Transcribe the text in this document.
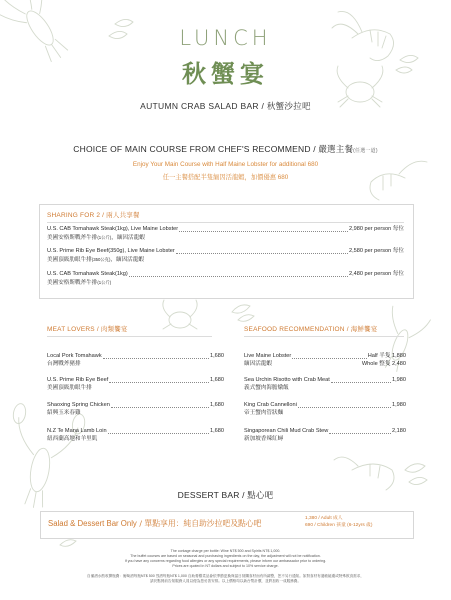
LUNCH
秋蟹宴
AUTUMN CRAB SALAD BAR / 秋蟹沙拉吧
CHOICE OF MAIN COURSE FROM CHEF'S RECOMMEND / 嚴選主餐(任選一道)
Enjoy Your Main Course with Half Maine Lobster for additional 680
任一主餐搭配半隻緬因活龍蝦，加價優惠 680
SHARING FOR 2 / 兩人共享餐
U.S. CAB Tomahawk Steak(1kg), Live Maine Lobster	2,980 per person 每位
美國安格斯戰斧牛排(1公斤)，緬因活龍蝦
U.S. Prime Rib Eye Beef(350g), Live Maine Lobster	2,580 per person 每位
美國頂級肋眼牛排(350公克)，緬因活龍蝦
U.S. CAB Tomahawk Steak(1kg)	2,480 per person 每位
美國安格斯戰斧牛排(1公斤)
MEAT LOVERS / 肉類饗宴
Local Pork Tomahawk	1,680
台灣戰斧豬排
U.S. Prime Rib Eye Beef	1,680
美國頂級肋眼牛排
Shaoxing Spring Chicken	1,680
紹興玉米春雞
N.Z Te Mana Lamb Loin	1,680
紐西蘭高地和羊里肌
SEAFOOD RECOMMENDATION / 海鮮饗宴
Live Maine Lobster	Half 半隻 1,880
緬因活龍蝦	Whole 整隻 2,480
Sea Urchin Risotto with Crab Meat	1,980
義式蟹肉海膽燉飯
King Crab Cannelloni	1,980
帝王蟹肉管狀麵
Singaporean Chili Mud Crab Stew	2,180
新加坡香辣紅蟳
DESSERT BAR / 點心吧
Salad & Dessert Bar Only / 單點享用：純自助沙拉吧及點心吧
1,380 / Adult 成人
690 / Children 孩童 (6-12yrs 歲)
The corkage charge per bottle: Wine NT$ 500 and Spirits NT$ 1,000.
The buffet courses are based on seasonal and purchasing ingredients on the day, the adjustment will not be notification.
If you have any concerns regarding food allergies or any special requirements, please inform our ambassador prior to ordering.
Prices are quoted in NT dollars and subject to 10% service charge.
自備酒水酌收開瓶費：葡萄酒每瓶NT$ 500 烈酒每瓶NT$ 1,000 自助餐檯菜品會依季節更換與當日採購食材而有所調整，恕不另行通知。如對食材有過敏疑慮或特殊飲食需求，
請於點餐前告知服務人員以便為您妥善安排。以上價格均以新台幣計價，並將加收一成服務費。
